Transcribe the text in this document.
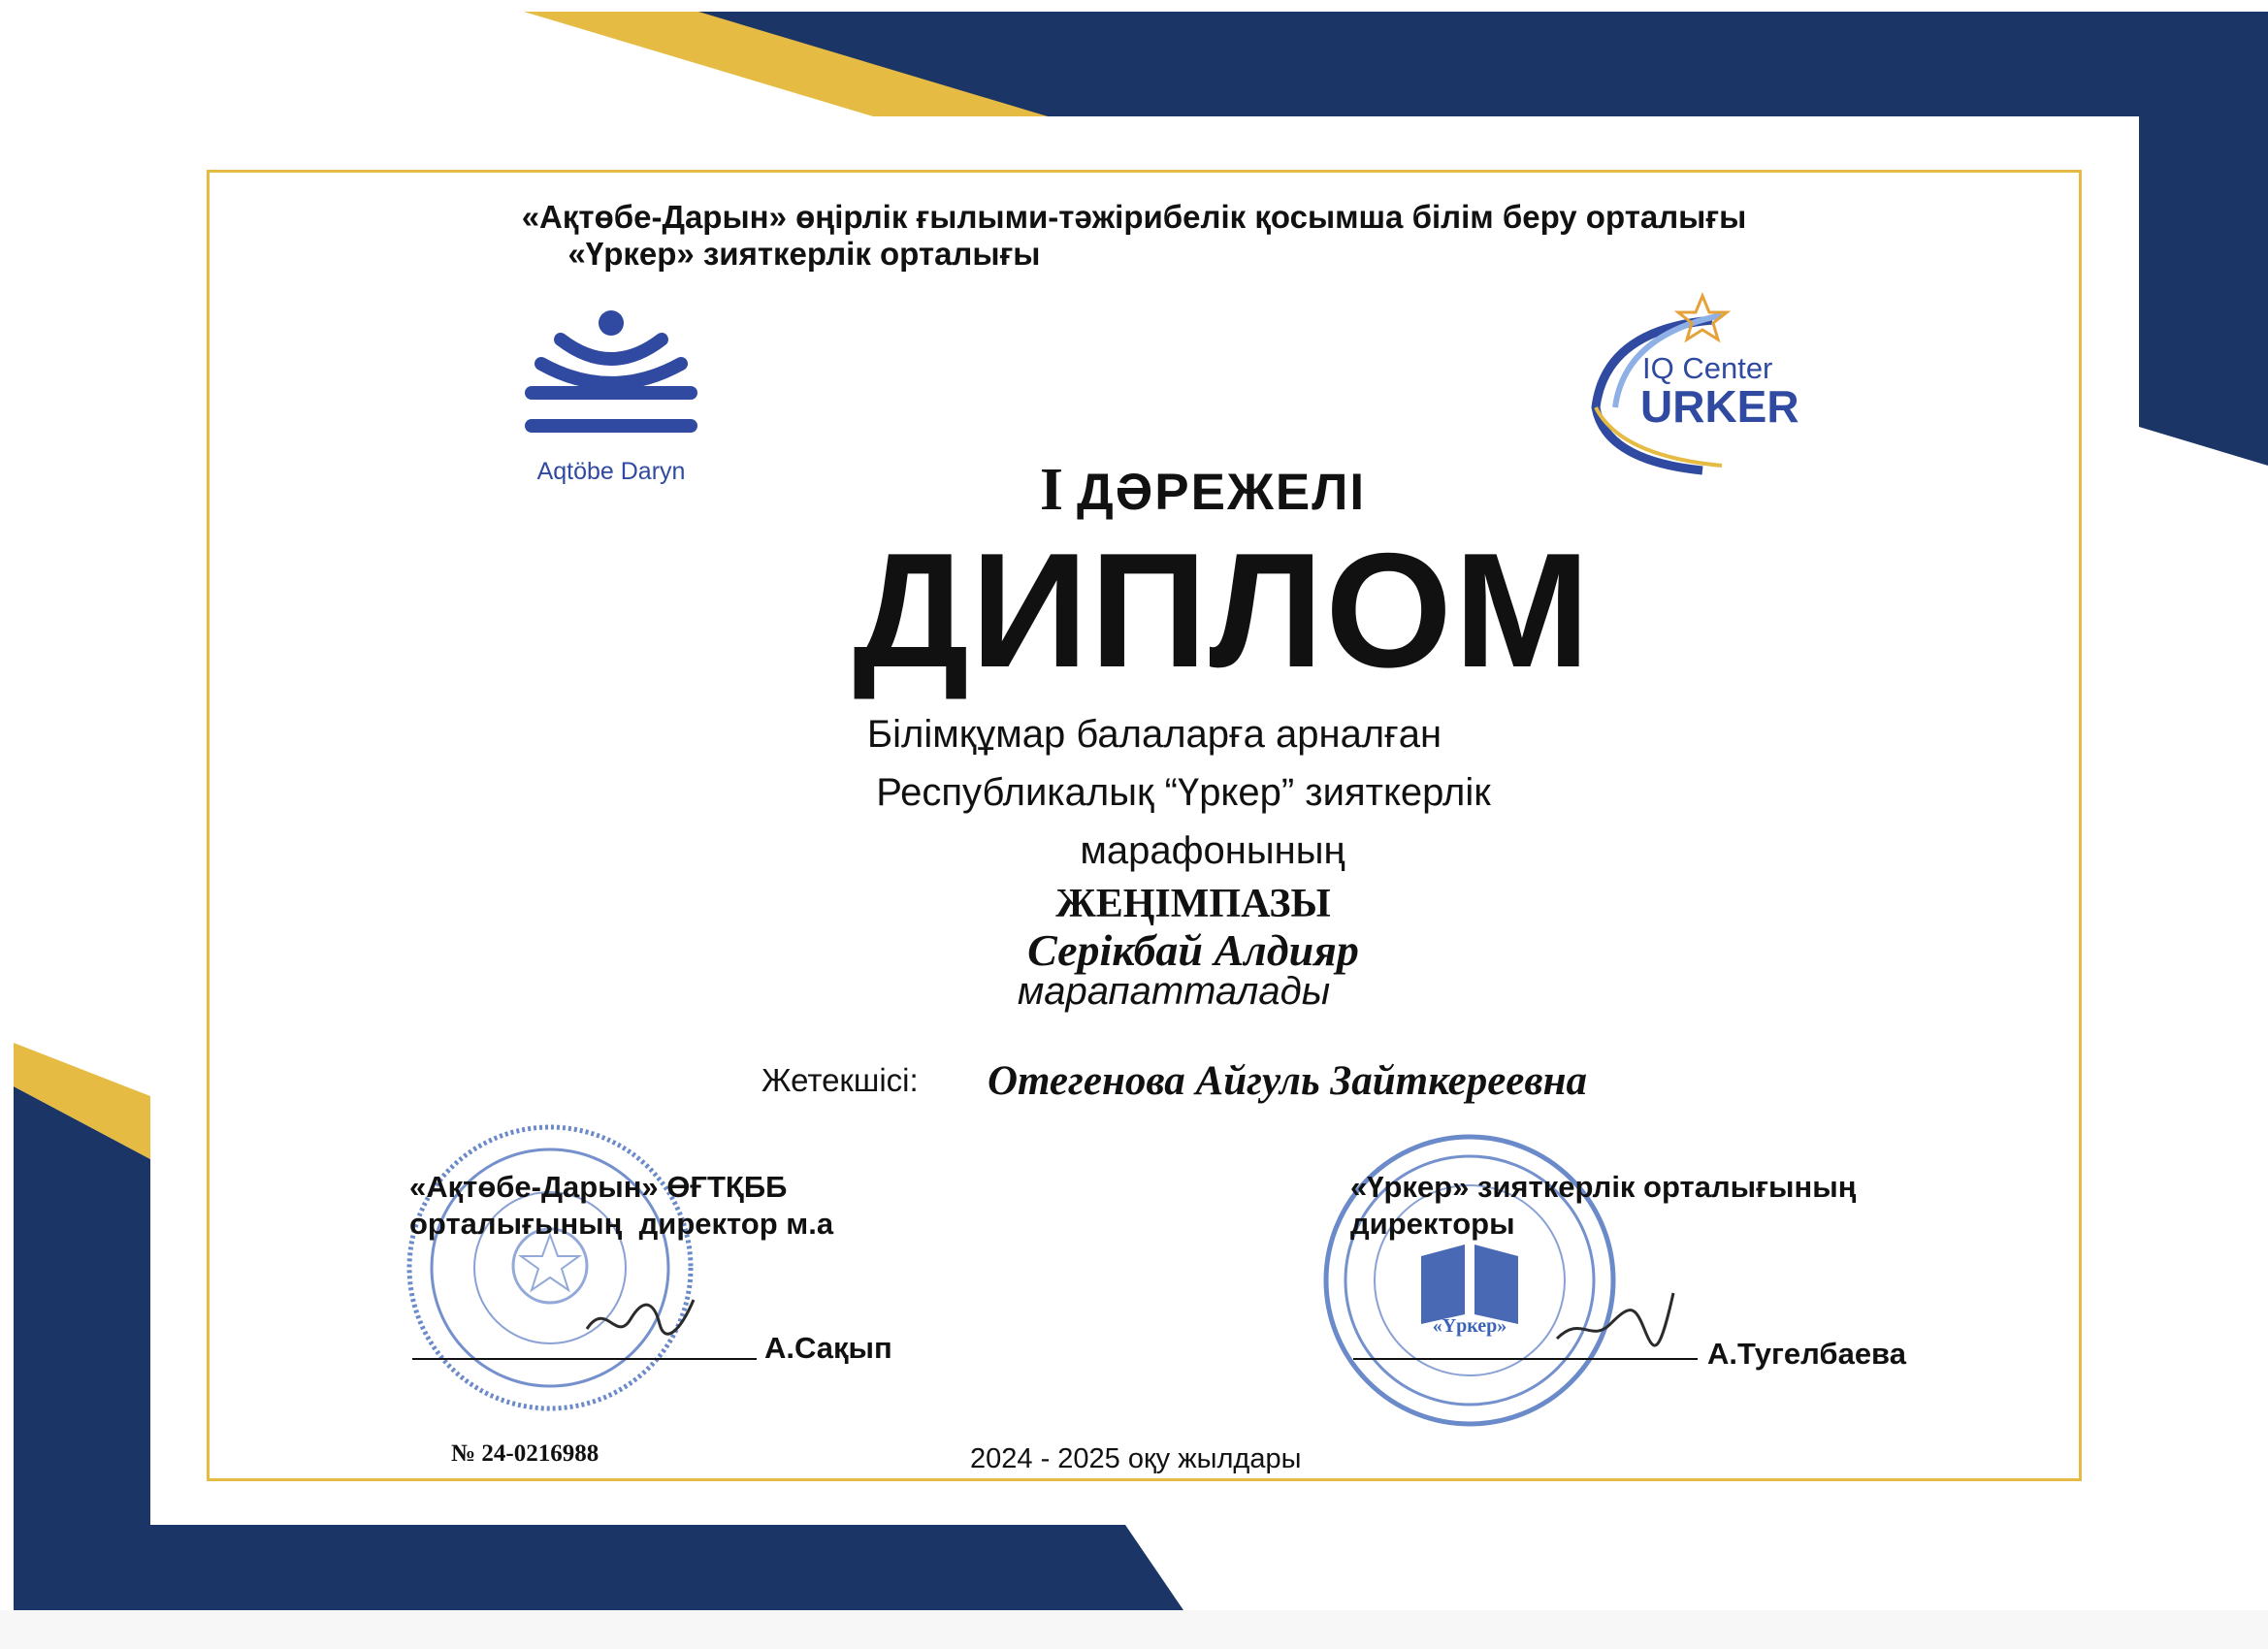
«Ақтөбе-Дарын» өңірлік ғылыми-тәжірибелік қосымша білім беру орталығы
«Үркер» зияткерлік орталығы
Aqtöbe Daryn
IQ Center
URKER
I ДӘРЕЖЕЛІ
ДИПЛОМ
Білімқұмар балаларға арналған
Республикалық “Үркер” зияткерлік
марафонының
ЖЕҢІМПАЗЫ
Серікбай Алдияр
марапатталады
Жетекшісі: Отегенова Айгуль Зайткереевна
«Үркер»
«Ақтөбе-Дарын» ӨҒТҚББ
орталығының  директор м.а
А.Сақып
«Үркер» зияткерлік орталығының
директоры
А.Тугелбаева
№ 24-0216988	2024 - 2025 оқу жылдары
